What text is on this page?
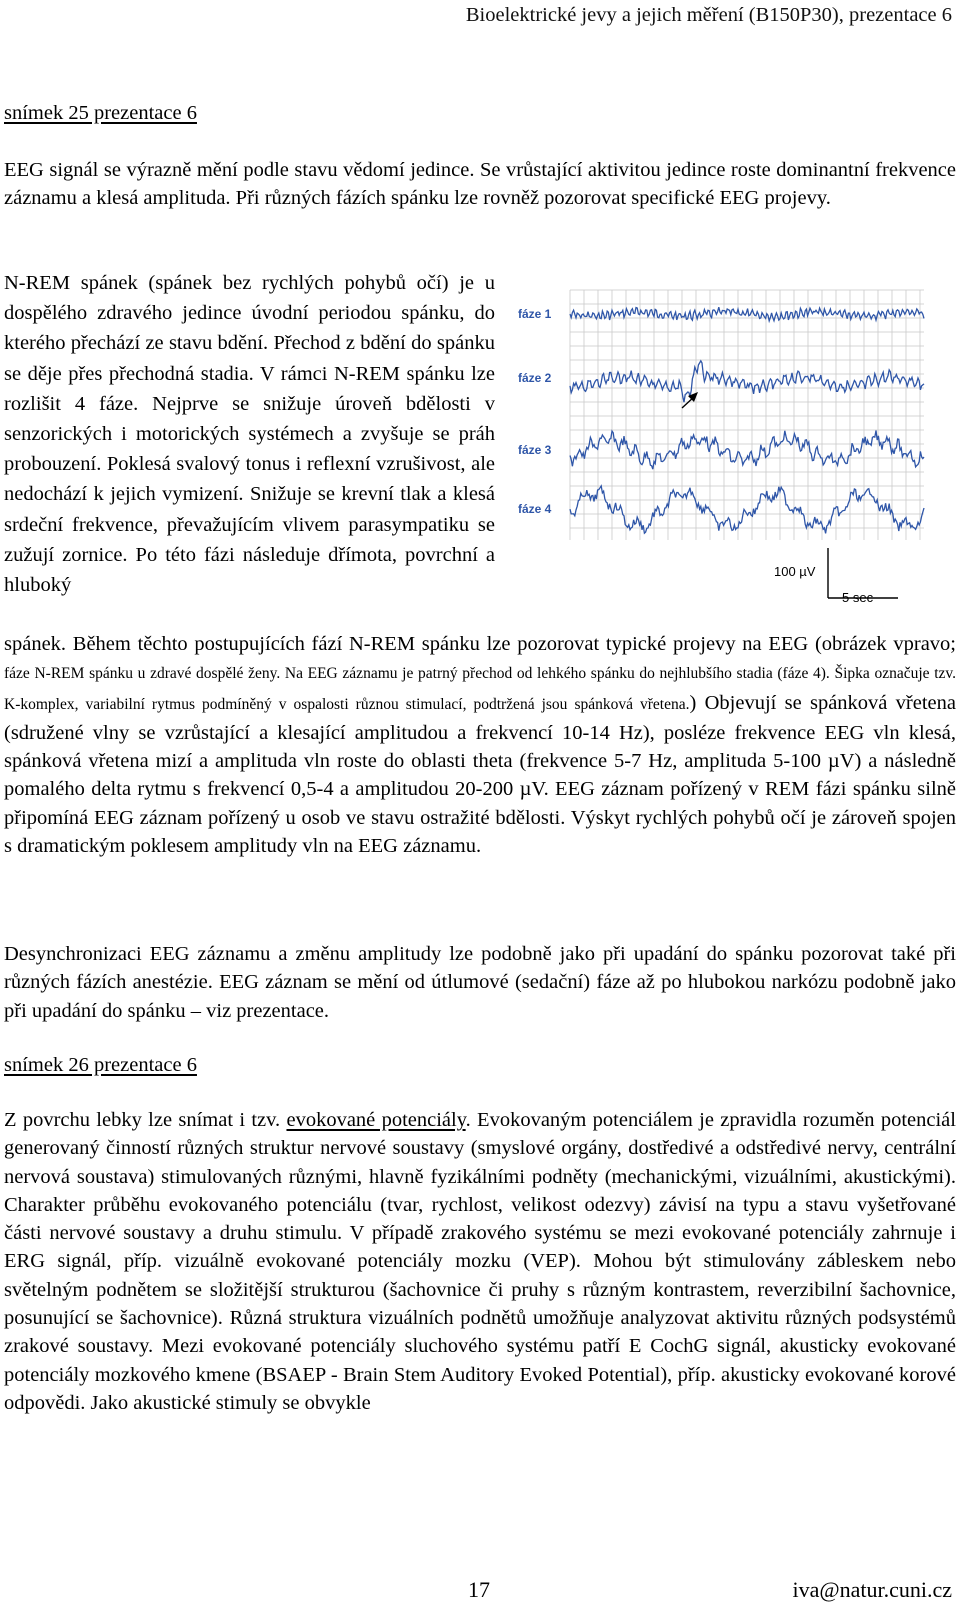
Bioelektrické jevy a jejich měření (B150P30), prezentace 6
snímek 25 prezentace 6

EEG signál se výrazně mění podle stavu vědomí jedince. Se vrůstající aktivitou jedince roste dominantní frekvence záznamu a klesá amplituda. Při různých fázích spánku lze rovněž pozorovat specifické EEG projevy.

N-REM spánek (spánek bez rychlých pohybů očí) je u dospělého zdravého jedince úvodní periodou spánku, do kterého přechází ze stavu bdění. Přechod z bdění do spánku se děje přes přechodná stadia. V rámci N-REM spánku lze rozlišit 4 fáze. Nejprve se snižuje úroveň bdělosti v senzorických i motorických systémech a zvyšuje se práh probouzení. Poklesá svalový tonus i reflexní vzrušivost, ale nedochází k jejich vymizení. Snižuje se krevní tlak a klesá srdeční frekvence, převažujícím vlivem parasympatiku se zužují zornice. Po této fázi následuje dřímota, povrchní a hluboký

fáze 1
fáze 2
fáze 3
fáze 4
100 µV
5 sec

spánek. Během těchto postupujících fází N-REM spánku lze pozorovat typické projevy na EEG (obrázek vpravo; fáze N-REM spánku u zdravé dospělé ženy. Na EEG záznamu je patrný přechod od lehkého spánku do nejhlubšího stadia (fáze 4). Šipka označuje tzv. K-komplex, variabilní rytmus podmíněný v ospalosti různou stimulací, podtržená jsou spánková vřetena.) Objevují se spánková vřetena (sdružené vlny se vzrůstající a klesající amplitudou a frekvencí 10-14 Hz), posléze frekvence EEG vln klesá, spánková vřetena mizí a amplituda vln roste do oblasti theta (frekvence 5-7 Hz, amplituda 5-100 µV) a následně pomalého delta rytmu s frekvencí 0,5-4 a amplitudou 20-200 µV. EEG záznam pořízený v REM fázi spánku silně připomíná EEG záznam pořízený u osob ve stavu ostražité bdělosti. Výskyt rychlých pohybů očí je zároveň spojen s dramatickým poklesem amplitudy vln na EEG záznamu.

Desynchronizaci EEG záznamu a změnu amplitudy lze podobně jako při upadání do spánku pozorovat také při různých fázích anestézie. EEG záznam se mění od útlumové (sedační) fáze až po hlubokou narkózu podobně jako při upadání do spánku – viz prezentace.

snímek 26 prezentace 6

Z povrchu lebky lze snímat i tzv. evokované potenciály. Evokovaným potenciálem je zpravidla rozuměn potenciál generovaný činností různých struktur nervové soustavy (smyslové orgány, dostředivé a odstředivé nervy, centrální nervová soustava) stimulovaných různými, hlavně fyzikálními podněty (mechanickými, vizuálními, akustickými). Charakter průběhu evokovaného potenciálu (tvar, rychlost, velikost odezvy) závisí na typu a stavu vyšetřované části nervové soustavy a druhu stimulu. V případě zrakového systému se mezi evokované potenciály zahrnuje i ERG signál, příp. vizuálně evokované potenciály mozku (VEP). Mohou být stimulovány zábleskem nebo světelným podnětem se složitější strukturou (šachovnice či pruhy s různým kontrastem, reverzibilní šachovnice, posunující se šachovnice). Různá struktura vizuálních podnětů umožňuje analyzovat aktivitu různých podsystémů zrakové soustavy. Mezi evokované potenciály sluchového systému patří E CochG signál, akusticky evokované potenciály mozkového kmene (BSAEP - Brain Stem Auditory Evoked Potential), příp. akusticky evokované korové odpovědi. Jako akustické stimuly se obvykle

17	iva@natur.cuni.cz
